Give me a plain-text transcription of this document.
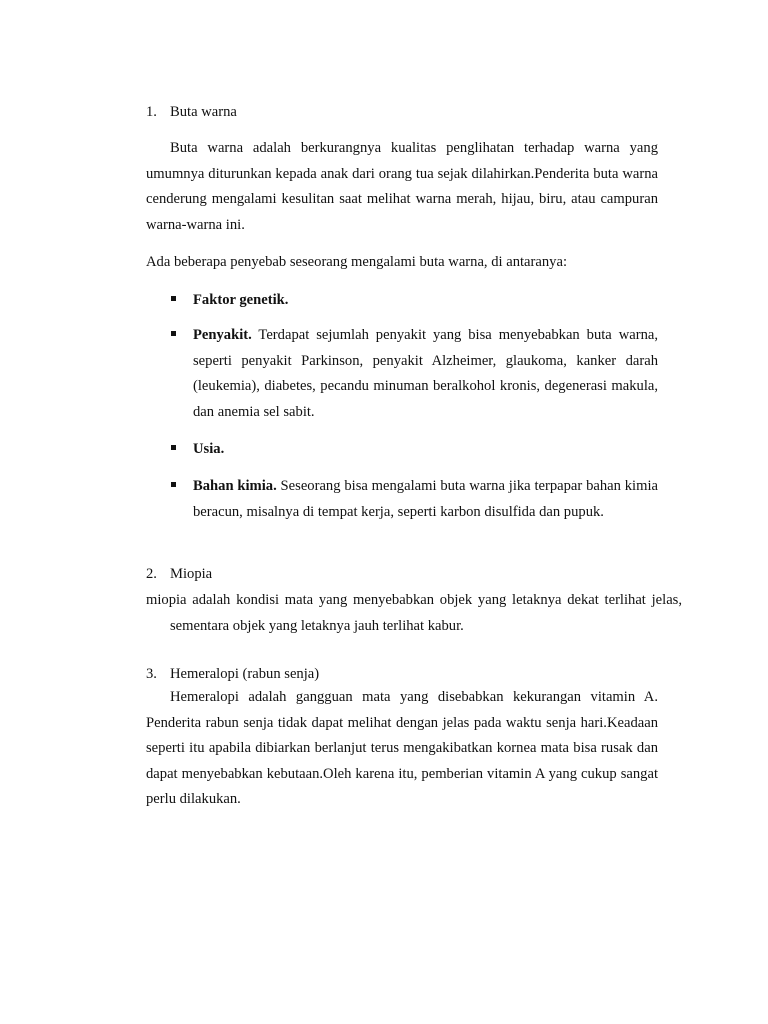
1. Buta warna

Buta warna adalah berkurangnya kualitas penglihatan terhadap warna yang umumnya diturunkan kepada anak dari orang tua sejak dilahirkan.Penderita buta warna cenderung mengalami kesulitan saat melihat warna merah, hijau, biru, atau campuran warna-warna ini.

Ada beberapa penyebab seseorang mengalami buta warna, di antaranya:

Faktor genetik.
Penyakit. Terdapat sejumlah penyakit yang bisa menyebabkan buta warna, seperti penyakit Parkinson, penyakit Alzheimer, glaukoma, kanker darah (leukemia), diabetes, pecandu minuman beralkohol kronis, degenerasi makula, dan anemia sel sabit.
Usia.
Bahan kimia. Seseorang bisa mengalami buta warna jika terpapar bahan kimia beracun, misalnya di tempat kerja, seperti karbon disulfida dan pupuk.
2. Miopia

miopia adalah kondisi mata yang menyebabkan objek yang letaknya dekat terlihat jelas, sementara objek yang letaknya jauh terlihat kabur.

3. Hemeralopi (rabun senja)

Hemeralopi adalah gangguan mata yang disebabkan kekurangan vitamin A. Penderita rabun senja tidak dapat melihat dengan jelas pada waktu senja hari.Keadaan seperti itu apabila dibiarkan berlanjut terus mengakibatkan kornea mata bisa rusak dan dapat menyebabkan kebutaan.Oleh karena itu, pemberian vitamin A yang cukup sangat perlu dilakukan.
